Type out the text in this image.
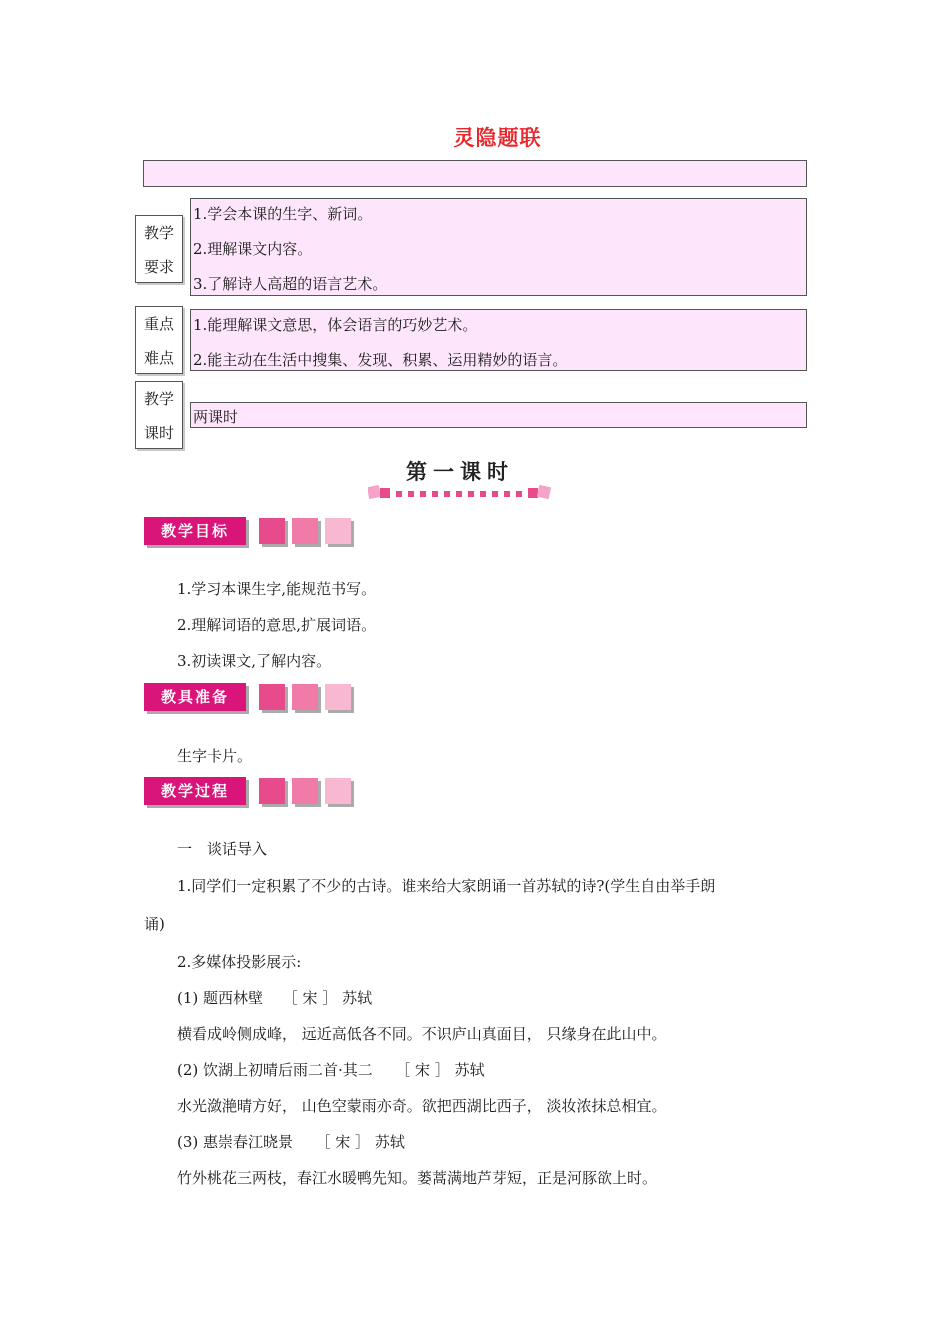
灵隐题联
教学
要求
1.学会本课的生字、新词。
2.理解课文内容。
3.了解诗人高超的语言艺术。
重点
难点
1.能理解课文意思，体会语言的巧妙艺术。
2.能主动在生活中搜集、发现、积累、运用精妙的语言。
教学
课时
两课时
第一课时
教学目标
1.学习本课生字,能规范书写。
2.理解词语的意思,扩展词语。
3.初读课文,了解内容。
教具准备
生字卡片。
教学过程
一　谈话导入
1.同学们一定积累了不少的古诗。谁来给大家朗诵一首苏轼的诗?(学生自由举手朗
诵)
2.多媒体投影展示:
(1) 题西林壁　 ［ 宋 ］ 苏轼
横看成岭侧成峰， 远近高低各不同。不识庐山真面目， 只缘身在此山中。
(2) 饮湖上初晴后雨二首·其二　　［ 宋 ］ 苏轼
水光潋滟晴方好， 山色空蒙雨亦奇。欲把西湖比西子， 淡妆浓抹总相宜。
(3) 惠崇春江晓景　　［ 宋 ］ 苏轼
竹外桃花三两枝，春江水暖鸭先知。蒌蒿满地芦芽短，正是河豚欲上时。
